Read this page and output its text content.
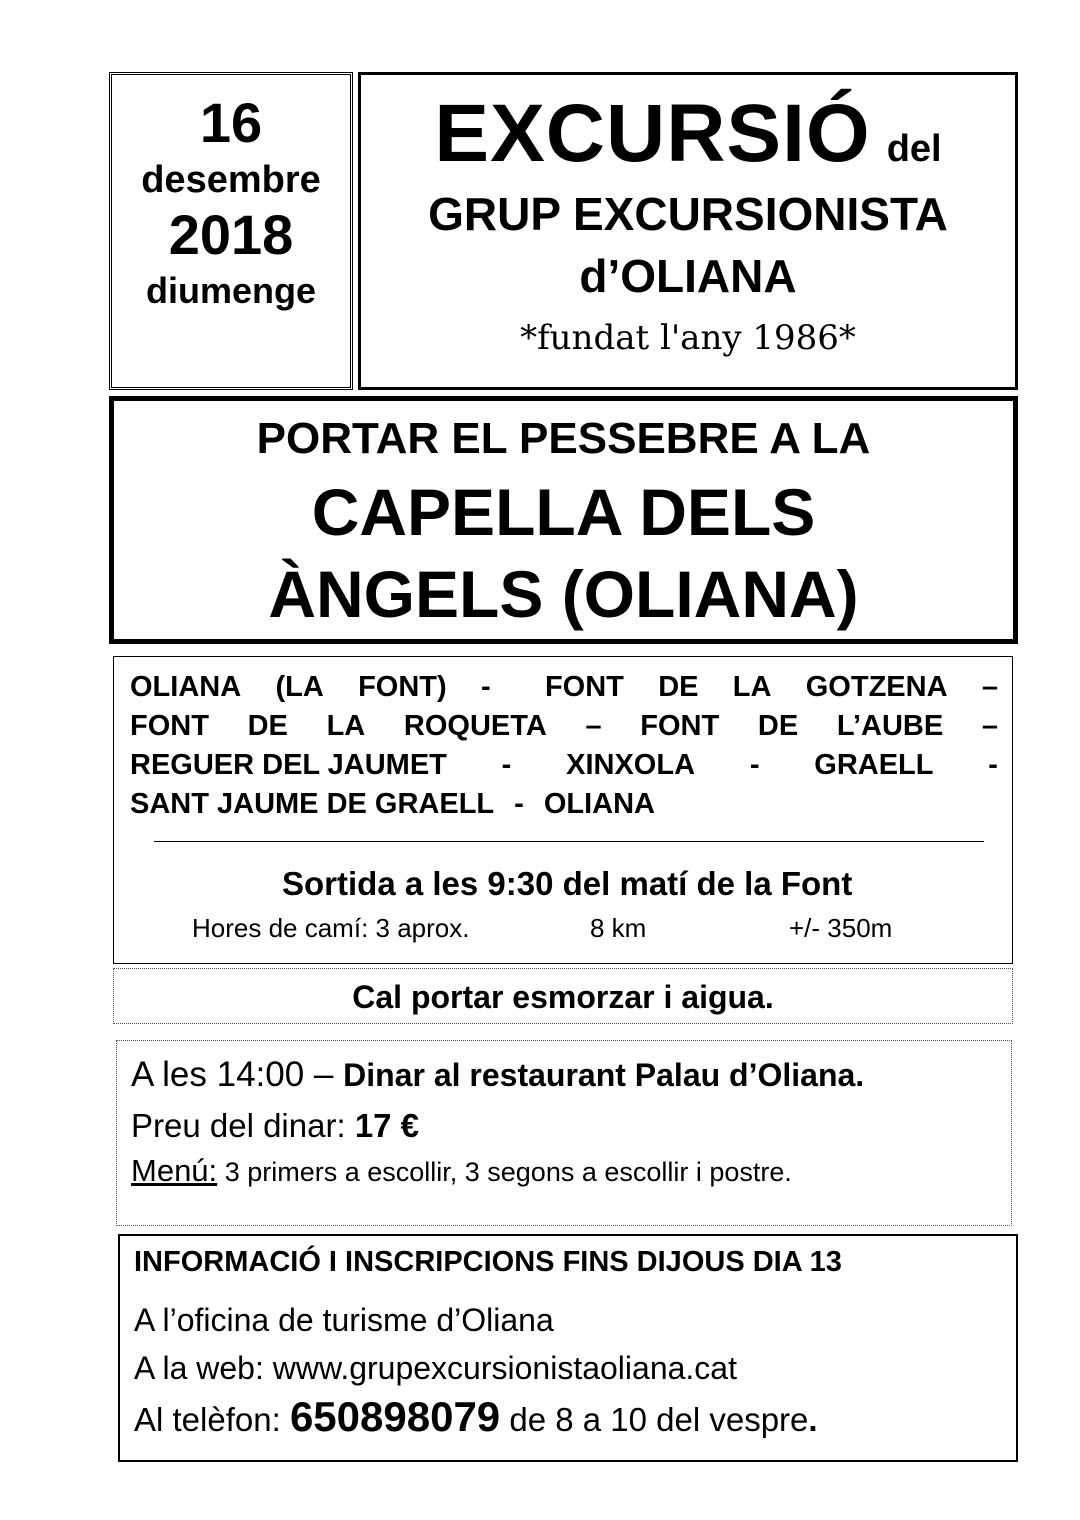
16
desembre
2018
diumenge
EXCURSIÓ del
GRUP EXCURSIONISTA
d’OLIANA
*fundat l'any 1986*
PORTAR EL PESSEBRE A LA
CAPELLA DELS
ÀNGELS (OLIANA)
OLIANA (LA FONT) - FONT DE LA GOTZENA –
FONT DE LA ROQUETA – FONT DE L’AUBE –
REGUER DEL JAUMET - XINXOLA - GRAELL -
SANT JAUME DE GRAELL - OLIANA
Sortida a les 9:30 del matí de la Font
Hores de camí: 3 aprox.	8 km	+/- 350m
Cal portar esmorzar i aigua.
A les 14:00 – Dinar al restaurant Palau d’Oliana.
Preu del dinar: 17 €
Menú: 3 primers a escollir, 3 segons a escollir i postre.
INFORMACIÓ I INSCRIPCIONS FINS DIJOUS DIA 13
A l’oficina de turisme d’Oliana
A la web: www.grupexcursionistaoliana.cat
Al telèfon: 650898079 de 8 a 10 del vespre.
